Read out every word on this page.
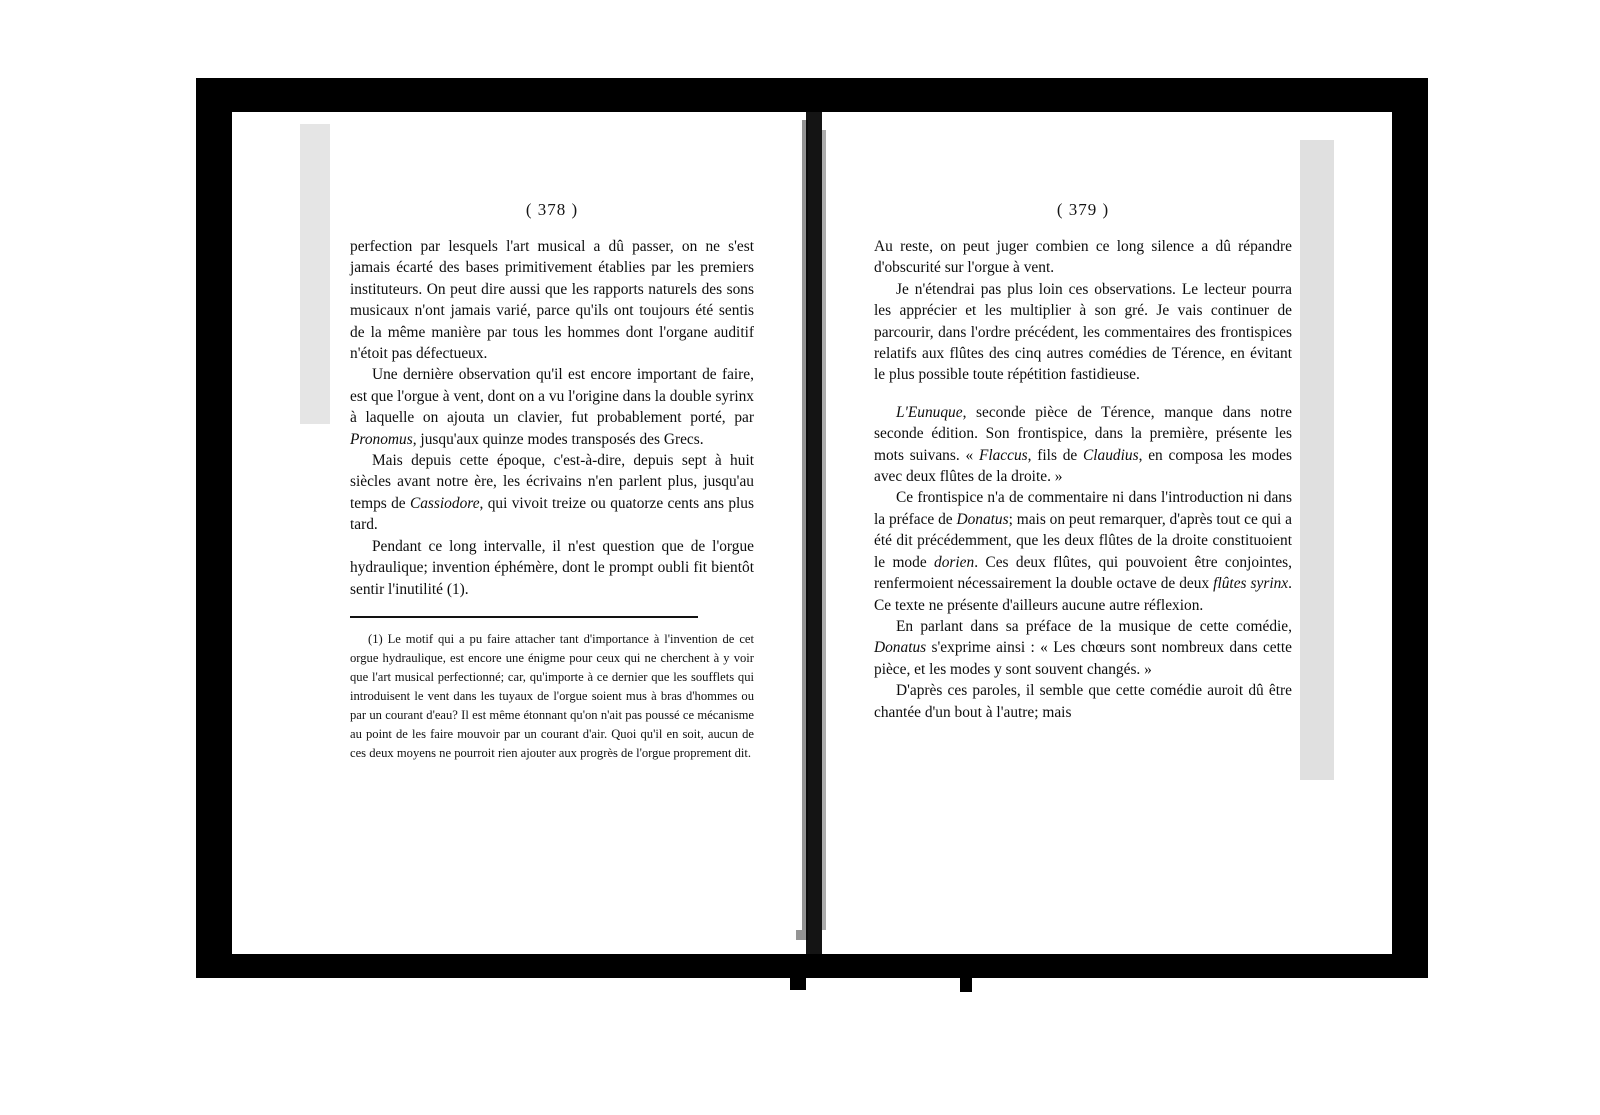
( 378 )

perfection par lesquels l'art musical a dû passer, on ne s'est jamais écarté des bases primitivement établies par les premiers instituteurs. On peut dire aussi que les rapports naturels des sons musicaux n'ont jamais varié, parce qu'ils ont toujours été sentis de la même manière par tous les hommes dont l'organe auditif n'étoit pas défectueux.

Une dernière observation qu'il est encore important de faire, est que l'orgue à vent, dont on a vu l'origine dans la double syrinx à laquelle on ajouta un clavier, fut probablement porté, par Pronomus, jusqu'aux quinze modes transposés des Grecs.

Mais depuis cette époque, c'est-à-dire, depuis sept à huit siècles avant notre ère, les écrivains n'en parlent plus, jusqu'au temps de Cassiodore, qui vivoit treize ou quatorze cents ans plus tard.

Pendant ce long intervalle, il n'est question que de l'orgue hydraulique; invention éphémère, dont le prompt oubli fit bientôt sentir l'inutilité (1).

(1) Le motif qui a pu faire attacher tant d'importance à l'invention de cet orgue hydraulique, est encore une énigme pour ceux qui ne cherchent à y voir que l'art musical perfectionné; car, qu'importe à ce dernier que les soufflets qui introduisent le vent dans les tuyaux de l'orgue soient mus à bras d'hommes ou par un courant d'eau? Il est même étonnant qu'on n'ait pas poussé ce mécanisme au point de les faire mouvoir par un courant d'air. Quoi qu'il en soit, aucun de ces deux moyens ne pourroit rien ajouter aux progrès de l'orgue proprement dit.

( 379 )

Au reste, on peut juger combien ce long silence a dû répandre d'obscurité sur l'orgue à vent.

Je n'étendrai pas plus loin ces observations. Le lecteur pourra les apprécier et les multiplier à son gré. Je vais continuer de parcourir, dans l'ordre précédent, les commentaires des frontispices relatifs aux flûtes des cinq autres comédies de Térence, en évitant le plus possible toute répétition fastidieuse.

L'Eunuque, seconde pièce de Térence, manque dans notre seconde édition. Son frontispice, dans la première, présente les mots suivans. « Flaccus, fils de Claudius, en composa les modes avec deux flûtes de la droite. »

Ce frontispice n'a de commentaire ni dans l'introduction ni dans la préface de Donatus; mais on peut remarquer, d'après tout ce qui a été dit précédemment, que les deux flûtes de la droite constituoient le mode dorien. Ces deux flûtes, qui pouvoient être conjointes, renfermoient nécessairement la double octave de deux flûtes syrinx. Ce texte ne présente d'ailleurs aucune autre réflexion.

En parlant dans sa préface de la musique de cette comédie, Donatus s'exprime ainsi : « Les chœurs sont nombreux dans cette pièce, et les modes y sont souvent changés. »

D'après ces paroles, il semble que cette comédie auroit dû être chantée d'un bout à l'autre; mais
